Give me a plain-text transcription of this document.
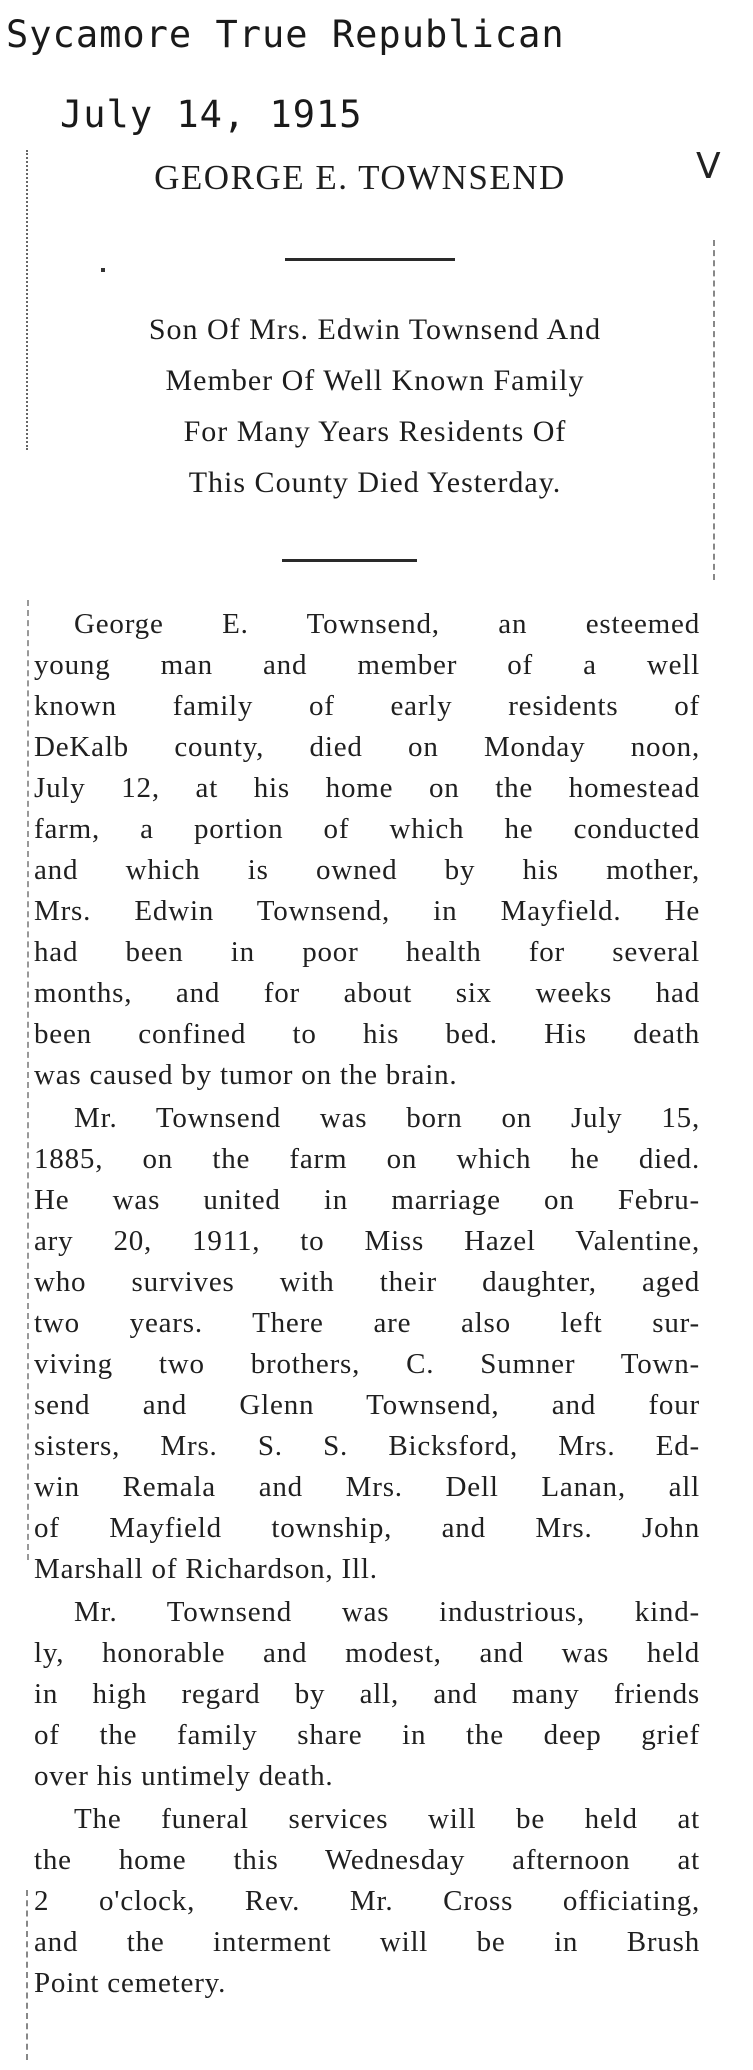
Sycamore True Republican
July 14, 1915
V
GEORGE E. TOWNSEND
Son Of Mrs. Edwin Townsend And
Member Of Well Known Family
For Many Years Residents Of
This County Died Yesterday.
George E. Townsend, an esteemed
young man and member of a well
known family of early residents of
DeKalb county, died on Monday noon,
July 12, at his home on the homestead
farm, a portion of which he conducted
and which is owned by his mother,
Mrs. Edwin Townsend, in Mayfield. He
had been in poor health for several
months, and for about six weeks had
been confined to his bed. His death
was caused by tumor on the brain.
Mr. Townsend was born on July 15,
1885, on the farm on which he died.
He was united in marriage on Febru-
ary 20, 1911, to Miss Hazel Valentine,
who survives with their daughter, aged
two years. There are also left sur-
viving two brothers, C. Sumner Town-
send and Glenn Townsend, and four
sisters, Mrs. S. S. Bicksford, Mrs. Ed-
win Remala and Mrs. Dell Lanan, all
of Mayfield township, and Mrs. John
Marshall of Richardson, Ill.
Mr. Townsend was industrious, kind-
ly, honorable and modest, and was held
in high regard by all, and many friends
of the family share in the deep grief
over his untimely death.
The funeral services will be held at
the home this Wednesday afternoon at
2 o'clock, Rev. Mr. Cross officiating,
and the interment will be in Brush
Point cemetery.
